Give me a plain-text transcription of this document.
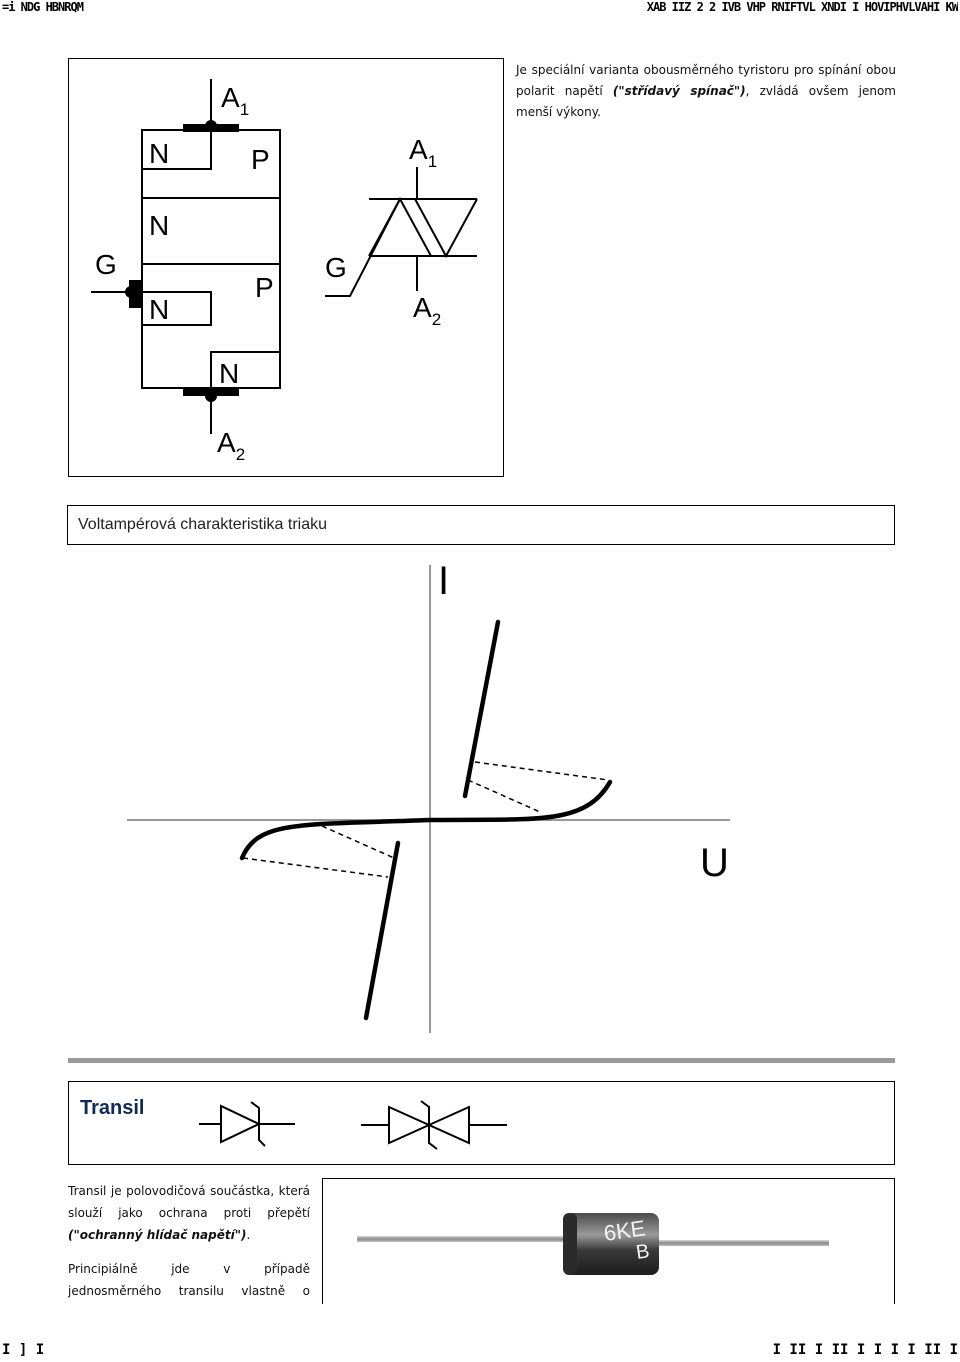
=i NDG HBNRQM	XAB IIZ 2 2 IVB VHP RNIFTVL XNDI I HOVIPHVLVAHI KW
$A_1$
N	P
N
G
P
N
N
$A_2$
$A_1$
G
$A_2$
Je speciální varianta obousměrného tyristoru pro spínání obou polarit napětí ("střídavý spínač"), zvládá ovšem jenom menší výkony.
Voltampérová charakteristika triaku
I
U
Transil
Transil je polovodičová součástka, která slouží jako ochrana proti přepětí ("ochranný hlídač napětí").
Principiálně jde v případě jednosměrného transilu vlastně o
6KE
B
I ] I	I II I II I I I I II I
